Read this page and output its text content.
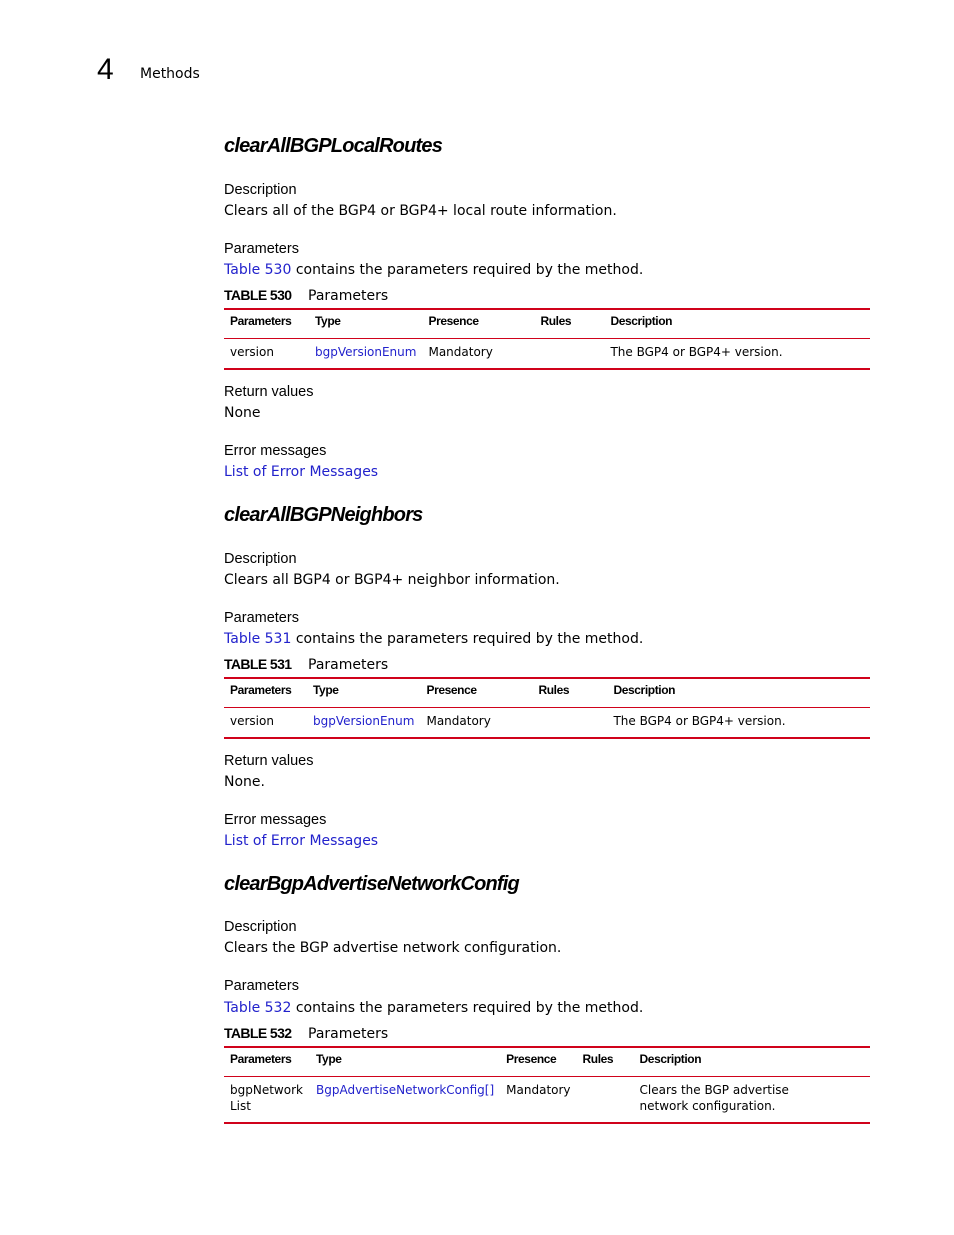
4 Methods
clearAllBGPLocalRoutes
Description
Clears all of the BGP4 or BGP4+ local route information.
Parameters
Table 530 contains the parameters required by the method.
TABLE 530 Parameters
Parameters	Type	Presence	Rules	Description
version	bgpVersionEnum	Mandatory		The BGP4 or BGP4+ version.
Return values
None
Error messages
List of Error Messages
clearAllBGPNeighbors
Description
Clears all BGP4 or BGP4+ neighbor information.
Parameters
Table 531 contains the parameters required by the method.
TABLE 531 Parameters
Parameters	Type	Presence	Rules	Description
version	bgpVersionEnum	Mandatory		The BGP4 or BGP4+ version.
Return values
None.
Error messages
List of Error Messages
clearBgpAdvertiseNetworkConfig
Description
Clears the BGP advertise network configuration.
Parameters
Table 532 contains the parameters required by the method.
TABLE 532 Parameters
Parameters	Type	Presence	Rules	Description
bgpNetwork List	BgpAdvertiseNetworkConfig[]	Mandatory		Clears the BGP advertise network configuration.
